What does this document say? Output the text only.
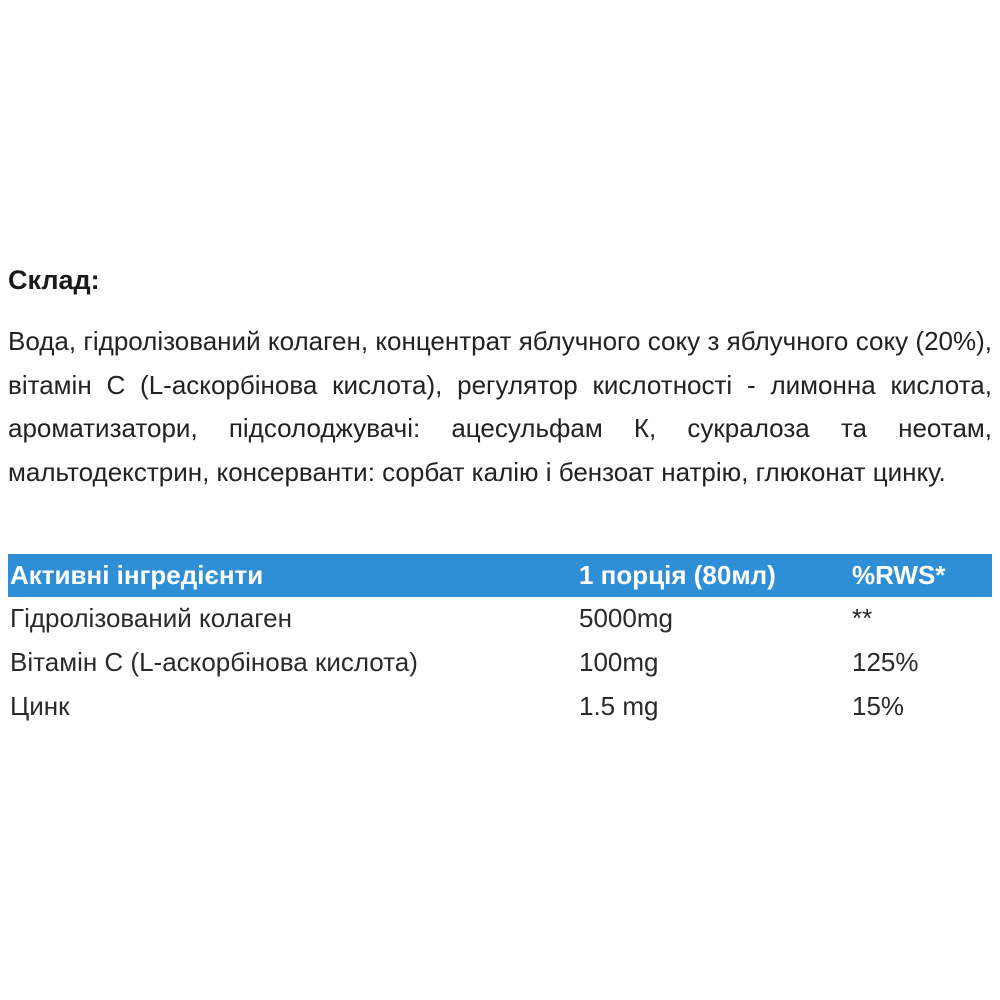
Склад:

Вода, гідролізований колаген, концентрат яблучного соку з яблучного соку (20%), вітамін С (L-аскорбінова кислота), регулятор кислотності - лимонна кислота, ароматизатори, підсолоджувачі: ацесульфам К, сукралоза та неотам, мальтодекстрин, консерванти: сорбат калію і бензоат натрію, глюконат цинку.

Активні інгредієнти	1 порція (80мл)	%RWS*
Гідролізований колаген	5000mg	**
Вітамін С (L-аскорбінова кислота)	100mg	125%
Цинк	1.5 mg	15%
